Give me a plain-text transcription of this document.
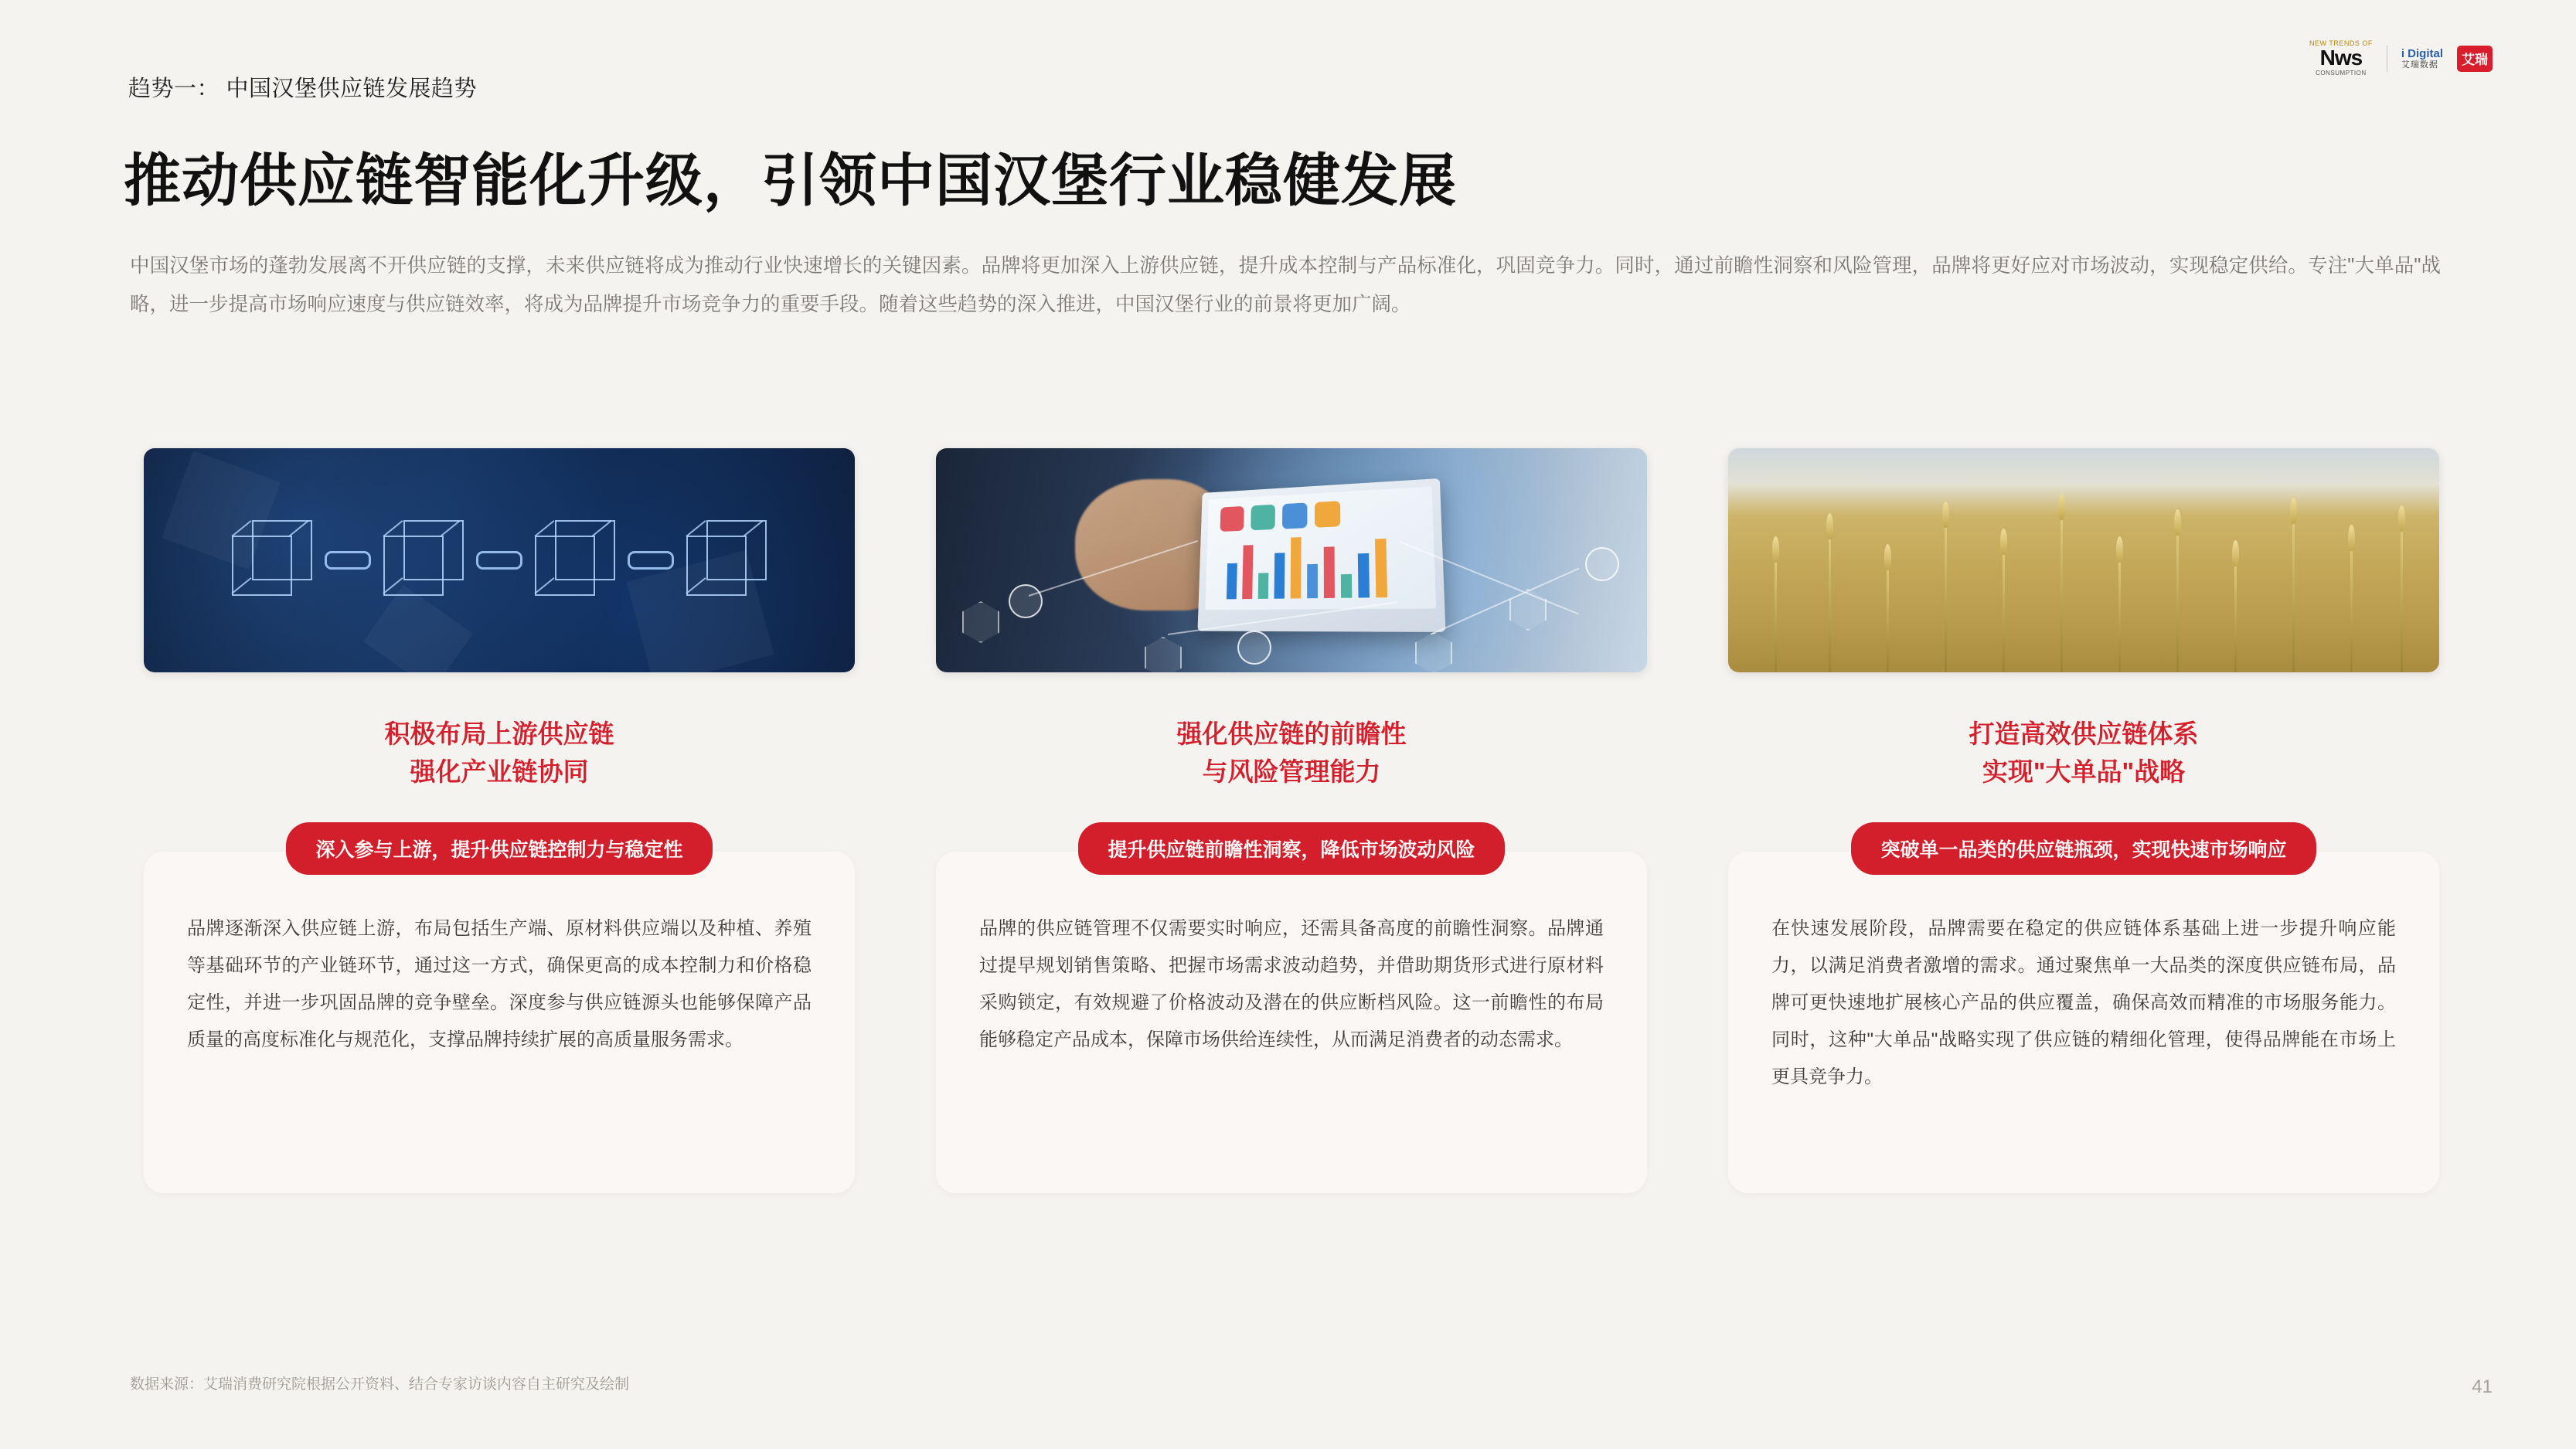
趋势一： 中国汉堡供应链发展趋势
NEW TRENDS OF
Nws
CONSUMPTION
i Digital
艾瑞数据	艾瑞
推动供应链智能化升级，引领中国汉堡行业稳健发展
中国汉堡市场的蓬勃发展离不开供应链的支撑，未来供应链将成为推动行业快速增长的关键因素。品牌将更加深入上游供应链，提升成本控制与产品标准化，巩固竞争力。同时，通过前瞻性洞察和风险管理，品牌将更好应对市场波动，实现稳定供给。专注"大单品"战略，进一步提高市场响应速度与供应链效率，将成为品牌提升市场竞争力的重要手段。随着这些趋势的深入推进，中国汉堡行业的前景将更加广阔。
积极布局上游供应链
强化产业链协同
深入参与上游，提升供应链控制力与稳定性

品牌逐渐深入供应链上游，布局包括生产端、原材料供应端以及种植、养殖等基础环节的产业链环节，通过这一方式，确保更高的成本控制力和价格稳定性，并进一步巩固品牌的竞争壁垒。深度参与供应链源头也能够保障产品质量的高度标准化与规范化，支撑品牌持续扩展的高质量服务需求。

强化供应链的前瞻性
与风险管理能力
提升供应链前瞻性洞察，降低市场波动风险

品牌的供应链管理不仅需要实时响应，还需具备高度的前瞻性洞察。品牌通过提早规划销售策略、把握市场需求波动趋势，并借助期货形式进行原材料采购锁定，有效规避了价格波动及潜在的供应断档风险。这一前瞻性的布局能够稳定产品成本，保障市场供给连续性，从而满足消费者的动态需求。

打造高效供应链体系
实现"大单品"战略
突破单一品类的供应链瓶颈，实现快速市场响应

在快速发展阶段，品牌需要在稳定的供应链体系基础上进一步提升响应能力，以满足消费者激增的需求。通过聚焦单一大品类的深度供应链布局，品牌可更快速地扩展核心产品的供应覆盖，确保高效而精准的市场服务能力。同时，这种"大单品"战略实现了供应链的精细化管理，使得品牌能在市场上更具竞争力。

数据来源：艾瑞消费研究院根据公开资料、结合专家访谈内容自主研究及绘制	41
